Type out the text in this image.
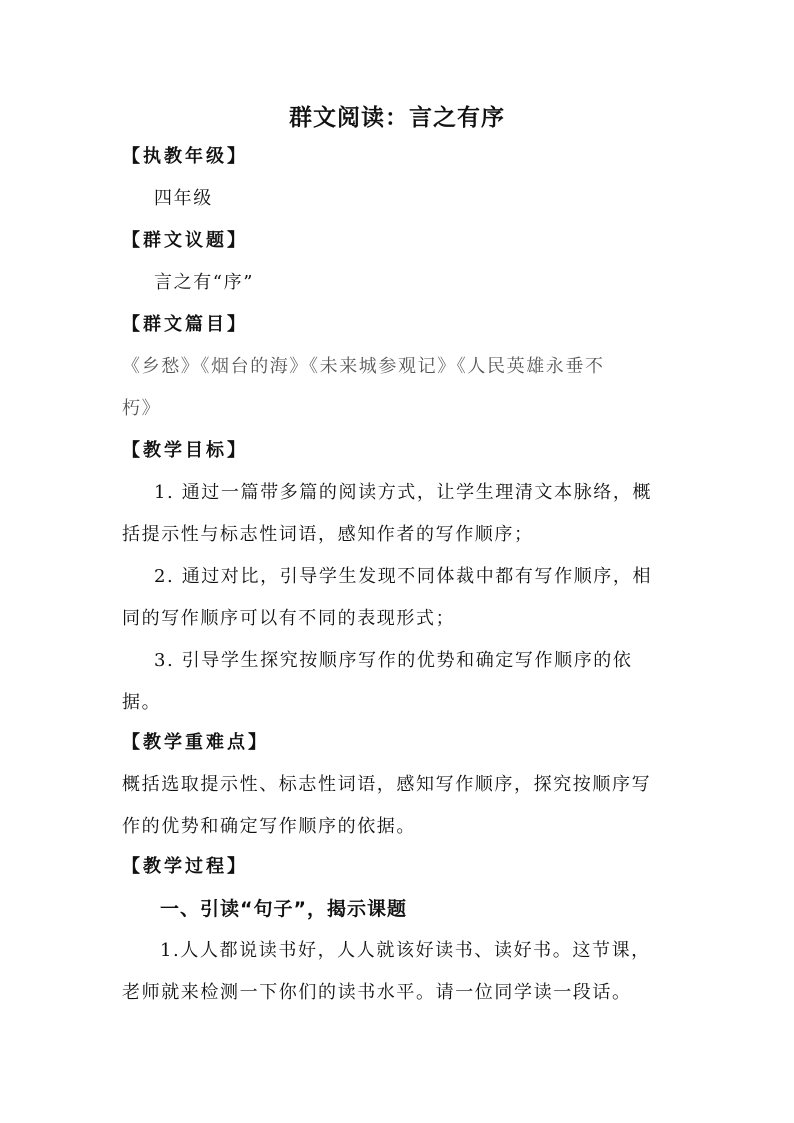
群文阅读：言之有序
【执教年级】
四年级
【群文议题】
言之有“序”
【群文篇目】
《乡愁》《烟台的海》《未来城参观记》《人民英雄永垂不
朽》
【教学目标】
1. 通过一篇带多篇的阅读方式，让学生理清文本脉络，概
括提示性与标志性词语，感知作者的写作顺序；
2. 通过对比，引导学生发现不同体裁中都有写作顺序，相
同的写作顺序可以有不同的表现形式；
3. 引导学生探究按顺序写作的优势和确定写作顺序的依
据。
【教学重难点】
概括选取提示性、标志性词语，感知写作顺序，探究按顺序写
作的优势和确定写作顺序的依据。
【教学过程】
一、引读“句子”，揭示课题
1.人人都说读书好，人人就该好读书、读好书。这节课，
老师就来检测一下你们的读书水平。请一位同学读一段话。
